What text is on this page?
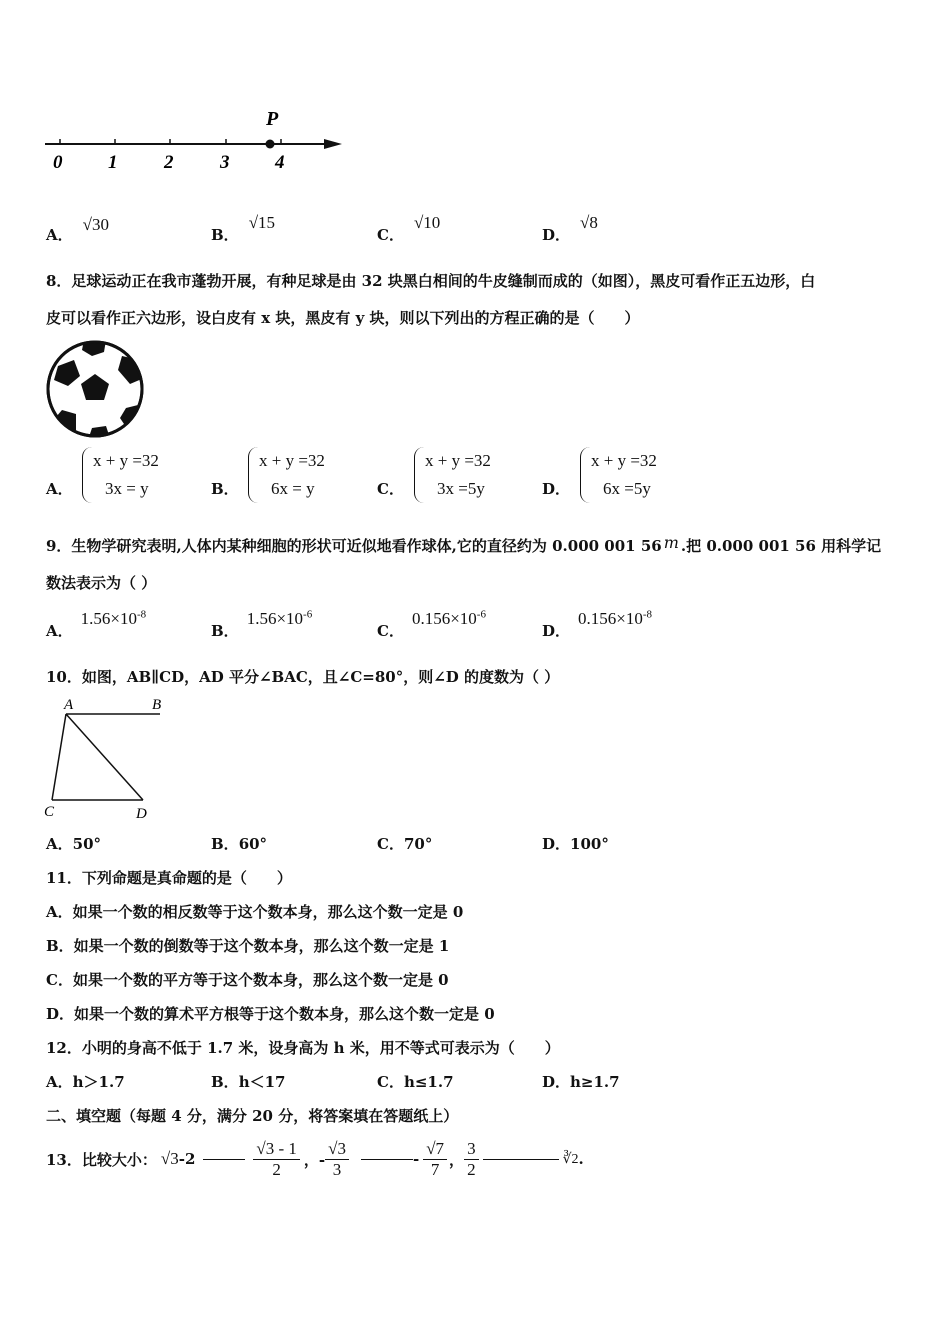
P
0 1 2 3 4
A．√30
B．√15
C．√10
D．√8
8．足球运动正在我市蓬勃开展，有种足球是由 32 块黑白相间的牛皮缝制而成的（如图），黑皮可看作正五边形，白
皮可以看作正六边形，设白皮有 x 块，黑皮有 y 块，则以下列出的方程正确的是（　　）
A．
x + y =32
3x = y	B．
x + y =32
6x = y	C．
x + y =32
3x =5y	D．
x + y =32
6x =5y
9．生物学研究表明,人体内某种细胞的形状可近似地看作球体,它的直径约为 0.000 001 56 m .把 0.000 001 56 用科学记
数法表示为（ ）
A．$1.56\times 10^{-8}$
B．$1.56\times 10^{-6}$
C．$0.156\times 10^{-6}$
D．$0.156\times 10^{-8}$
10．如图，AB∥CD，AD 平分∠BAC，且∠C=80°，则∠D 的度数为（ ）
A	B
C	D
A．50°	B．60°	C．70°	D．100°
11．下列命题是真命题的是（　　）
A．如果一个数的相反数等于这个数本身，那么这个数一定是 0
B．如果一个数的倒数等于这个数本身，那么这个数一定是 1
C．如果一个数的平方等于这个数本身，那么这个数一定是 0
D．如果一个数的算术平方根等于这个数本身，那么这个数一定是 0
12．小明的身高不低于 1.7 米，设身高为 h 米，用不等式可表示为（　　）
A．h＞1.7	B．h＜17	C．h≤1.7	D．h≥1.7
二、填空题（每题 4 分，满分 20 分，将答案填在答题纸上）
13．比较大小： √3 -2	$\frac{√3 - 1}{2}$ ，- $\frac{√3}{3}$	- $\frac{√7}{7}$ ， $\frac{3}{2}$	∛2 .
